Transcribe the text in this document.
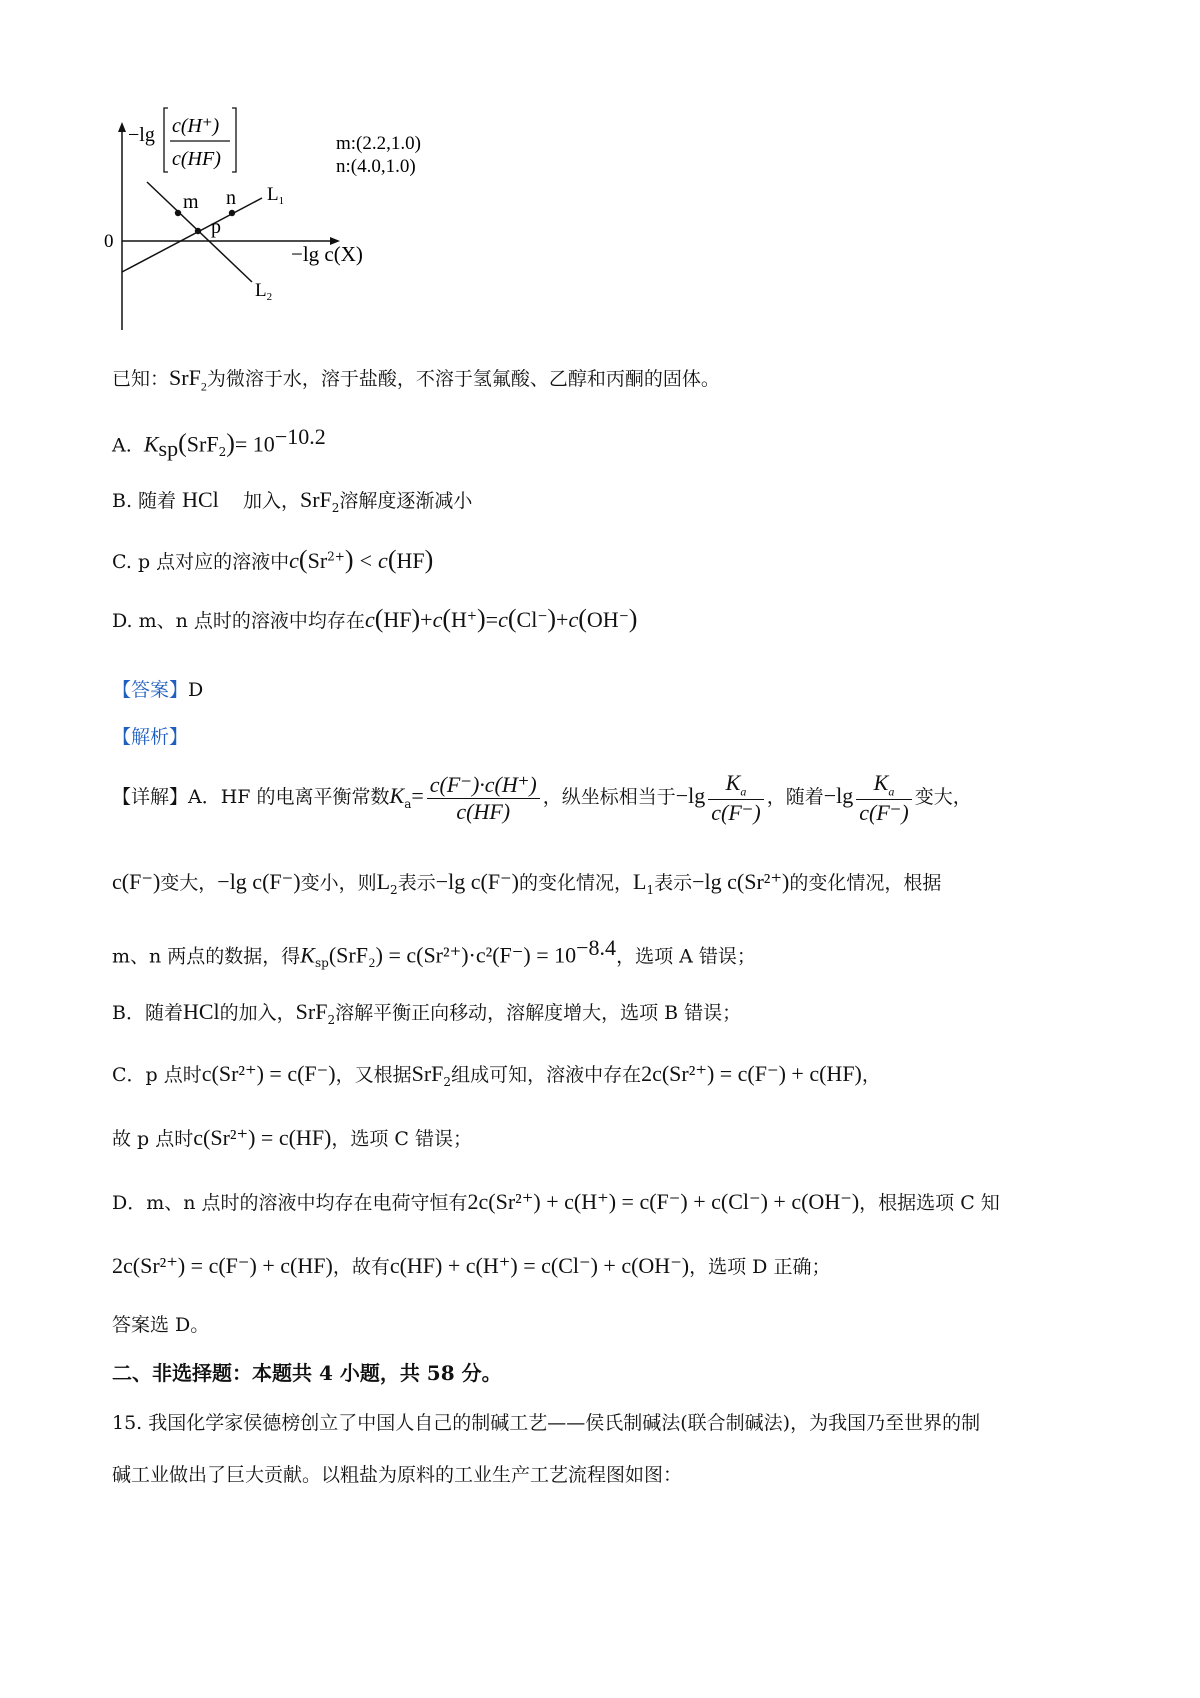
m n
p
$L_1$
$L_2$
0
−lg c(X)
−lg c(H⁺)
c(HF)
m:(2.2,1.0)
n:(4.0,1.0)
已知：SrF$_2$为微溶于水，溶于盐酸，不溶于氢氟酸、乙醇和丙酮的固体。
A. $K_{sp}(SrF_2)= 10^{-10.2}$
B. 随着 HCl 加入，SrF$_2$溶解度逐渐减小
C. p 点对应的溶液中$c(Sr^{2+}) < c(HF)$
D. m、n 点时的溶液中均存在c(HF)+c(H+)=c(Cl−)+c(OH−)
【答案】D
【解析】
【详解】A．HF 的电离平衡常数$K_a= \frac{c(F^-)\cdot c(H^+)}{c(HF)}$ ，纵坐标相当于$-\lg \frac{K_a}{c(F^-)}$ ，随着$-\lg \frac{K_a}{c(F^-)}$ 变大，
c(F⁻)变大，−lg c(F⁻)变小，则$L_2$表示−lg c(F⁻)的变化情况，$L_1$表示−lg c(Sr²⁺)的变化情况，根据
m、n 两点的数据，得$K_{sp}(SrF_2) = c(Sr^{2+})\cdot c^2(F^-) = 10^{-8.4}$，选项 A 错误；
B．随着HCl的加入，SrF$_2$溶解平衡正向移动，溶解度增大，选项 B 错误；
C．p 点时c(Sr²⁺) = c(F⁻)，又根据SrF$_2$组成可知，溶液中存在2c(Sr²⁺) = c(F⁻) + c(HF)，
故 p 点时c(Sr²⁺) = c(HF)，选项 C 错误；
D．m、n 点时的溶液中均存在电荷守恒有2c(Sr²⁺) + c(H⁺) = c(F⁻) + c(Cl⁻) + c(OH⁻)，根据选项 C 知
2c(Sr²⁺) = c(F⁻) + c(HF)，故有c(HF) + c(H⁺) = c(Cl⁻) + c(OH⁻)，选项 D 正确；
答案选 D。
二、非选择题：本题共 4 小题，共 58 分。
15. 我国化学家侯德榜创立了中国人自己的制碱工艺——侯氏制碱法(联合制碱法)，为我国乃至世界的制
碱工业做出了巨大贡献。以粗盐为原料的工业生产工艺流程图如图：
